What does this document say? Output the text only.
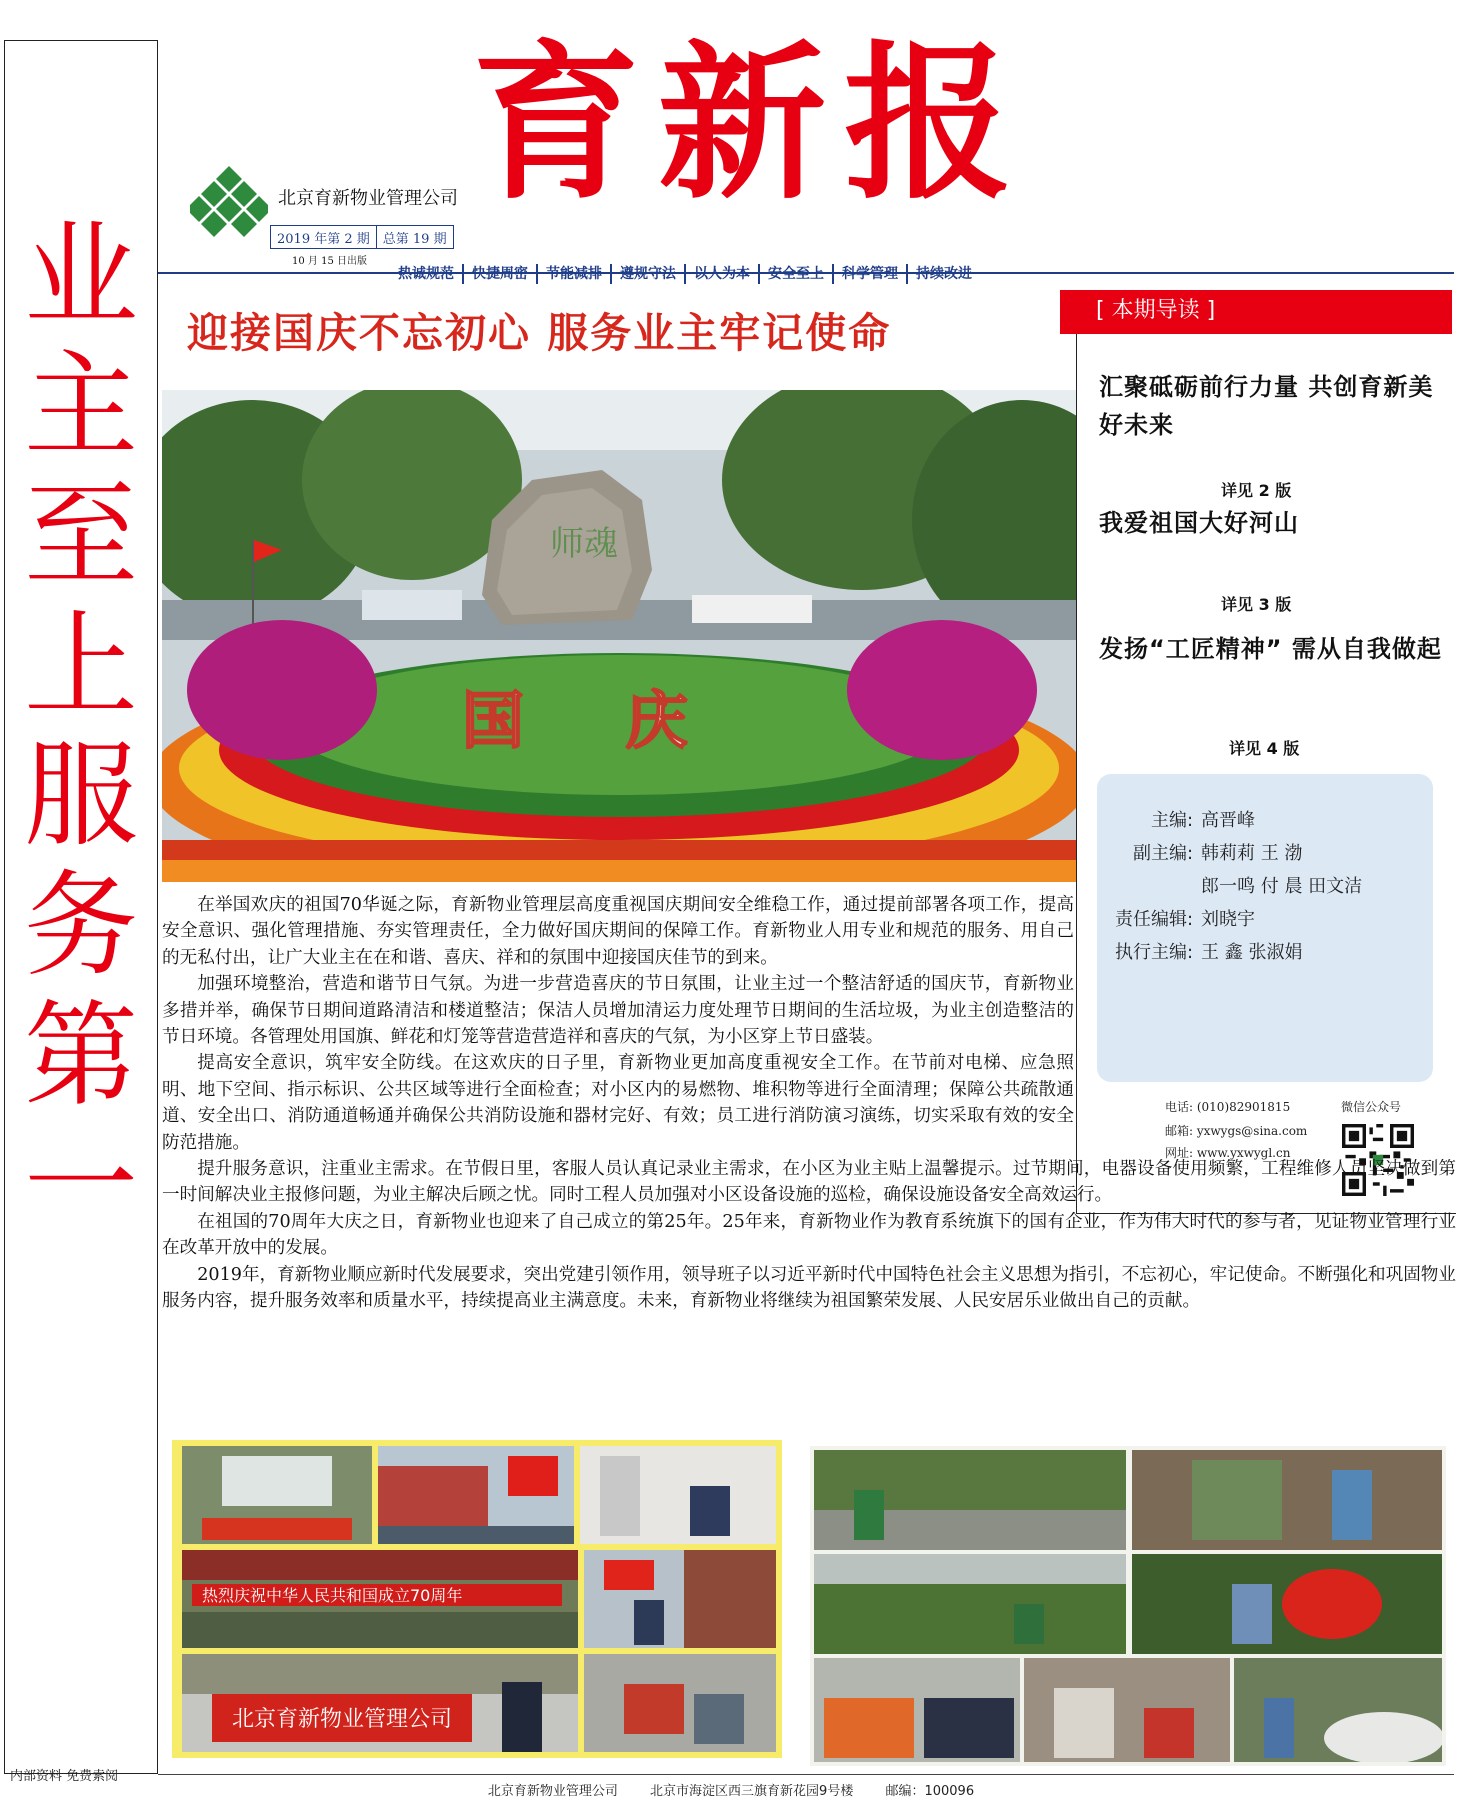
业
主
至
上
服
务
第
一
内部资料 免费索阅
北京育新物业管理公司 育新报
2019 年第 2 期	总第 19 期
10 月 15 日出版
热诚规范	快捷周密	节能减排	遵规守法	以人为本	安全至上	科学管理	持续改进
迎接国庆不忘初心 服务业主牢记使命	[ 本期导读 ]
汇聚砥砺前行力量 共创育新美好未来
详见 2 版
我爱祖国大好河山
详见 3 版
发扬“工匠精神” 需从自我做起
详见 4 版
主编: 高晋峰
副主编: 韩莉莉 王 渤
郎一鸣 付 晨 田文洁
责任编辑: 刘晓宇
执行主编: 王 鑫 张淑娟
电话: (010)82901815
邮箱: yxwygs@sina.com
网址: www.yxwygl.cn
微信公众号
师魂
国 庆

在举国欢庆的祖国70华诞之际，育新物业管理层高度重视国庆期间安全维稳工作，通过提前部署各项工作，提高安全意识、强化管理措施、夯实管理责任，全力做好国庆期间的保障工作。育新物业人用专业和规范的服务、用自己的无私付出，让广大业主在在和谐、喜庆、祥和的氛围中迎接国庆佳节的到来。

加强环境整治，营造和谐节日气氛。为进一步营造喜庆的节日氛围，让业主过一个整洁舒适的国庆节，育新物业多措并举，确保节日期间道路清洁和楼道整洁；保洁人员增加清运力度处理节日期间的生活垃圾，为业主创造整洁的节日环境。各管理处用国旗、鲜花和灯笼等营造营造祥和喜庆的气氛，为小区穿上节日盛装。

提高安全意识，筑牢安全防线。在这欢庆的日子里，育新物业更加高度重视安全工作。在节前对电梯、应急照明、地下空间、指示标识、公共区域等进行全面检查；对小区内的易燃物、堆积物等进行全面清理；保障公共疏散通道、安全出口、消防通道畅通并确保公共消防设施和器材完好、有效；员工进行消防演习演练，切实采取有效的安全防范措施。

提升服务意识，注重业主需求。在节假日里，客服人员认真记录业主需求，在小区为业主贴上温馨提示。过节期间，电器设备使用频繁，工程维修人员坚决做到第一时间解决业主报修问题，为业主解决后顾之忧。同时工程人员加强对小区设备设施的巡检，确保设施设备安全高效运行。

在祖国的70周年大庆之日，育新物业也迎来了自己成立的第25年。25年来，育新物业作为教育系统旗下的国有企业，作为伟大时代的参与者，见证物业管理行业在改革开放中的发展。

2019年，育新物业顺应新时代发展要求，突出党建引领作用，领导班子以习近平新时代中国特色社会主义思想为指引，不忘初心，牢记使命。不断强化和巩固物业服务内容，提升服务效率和质量水平，持续提高业主满意度。未来，育新物业将继续为祖国繁荣发展、人民安居乐业做出自己的贡献。

热烈庆祝中华人民共和国成立70周年
北京育新物业管理公司
北京育新物业管理公司 北京市海淀区西三旗育新花园9号楼 邮编：100096
